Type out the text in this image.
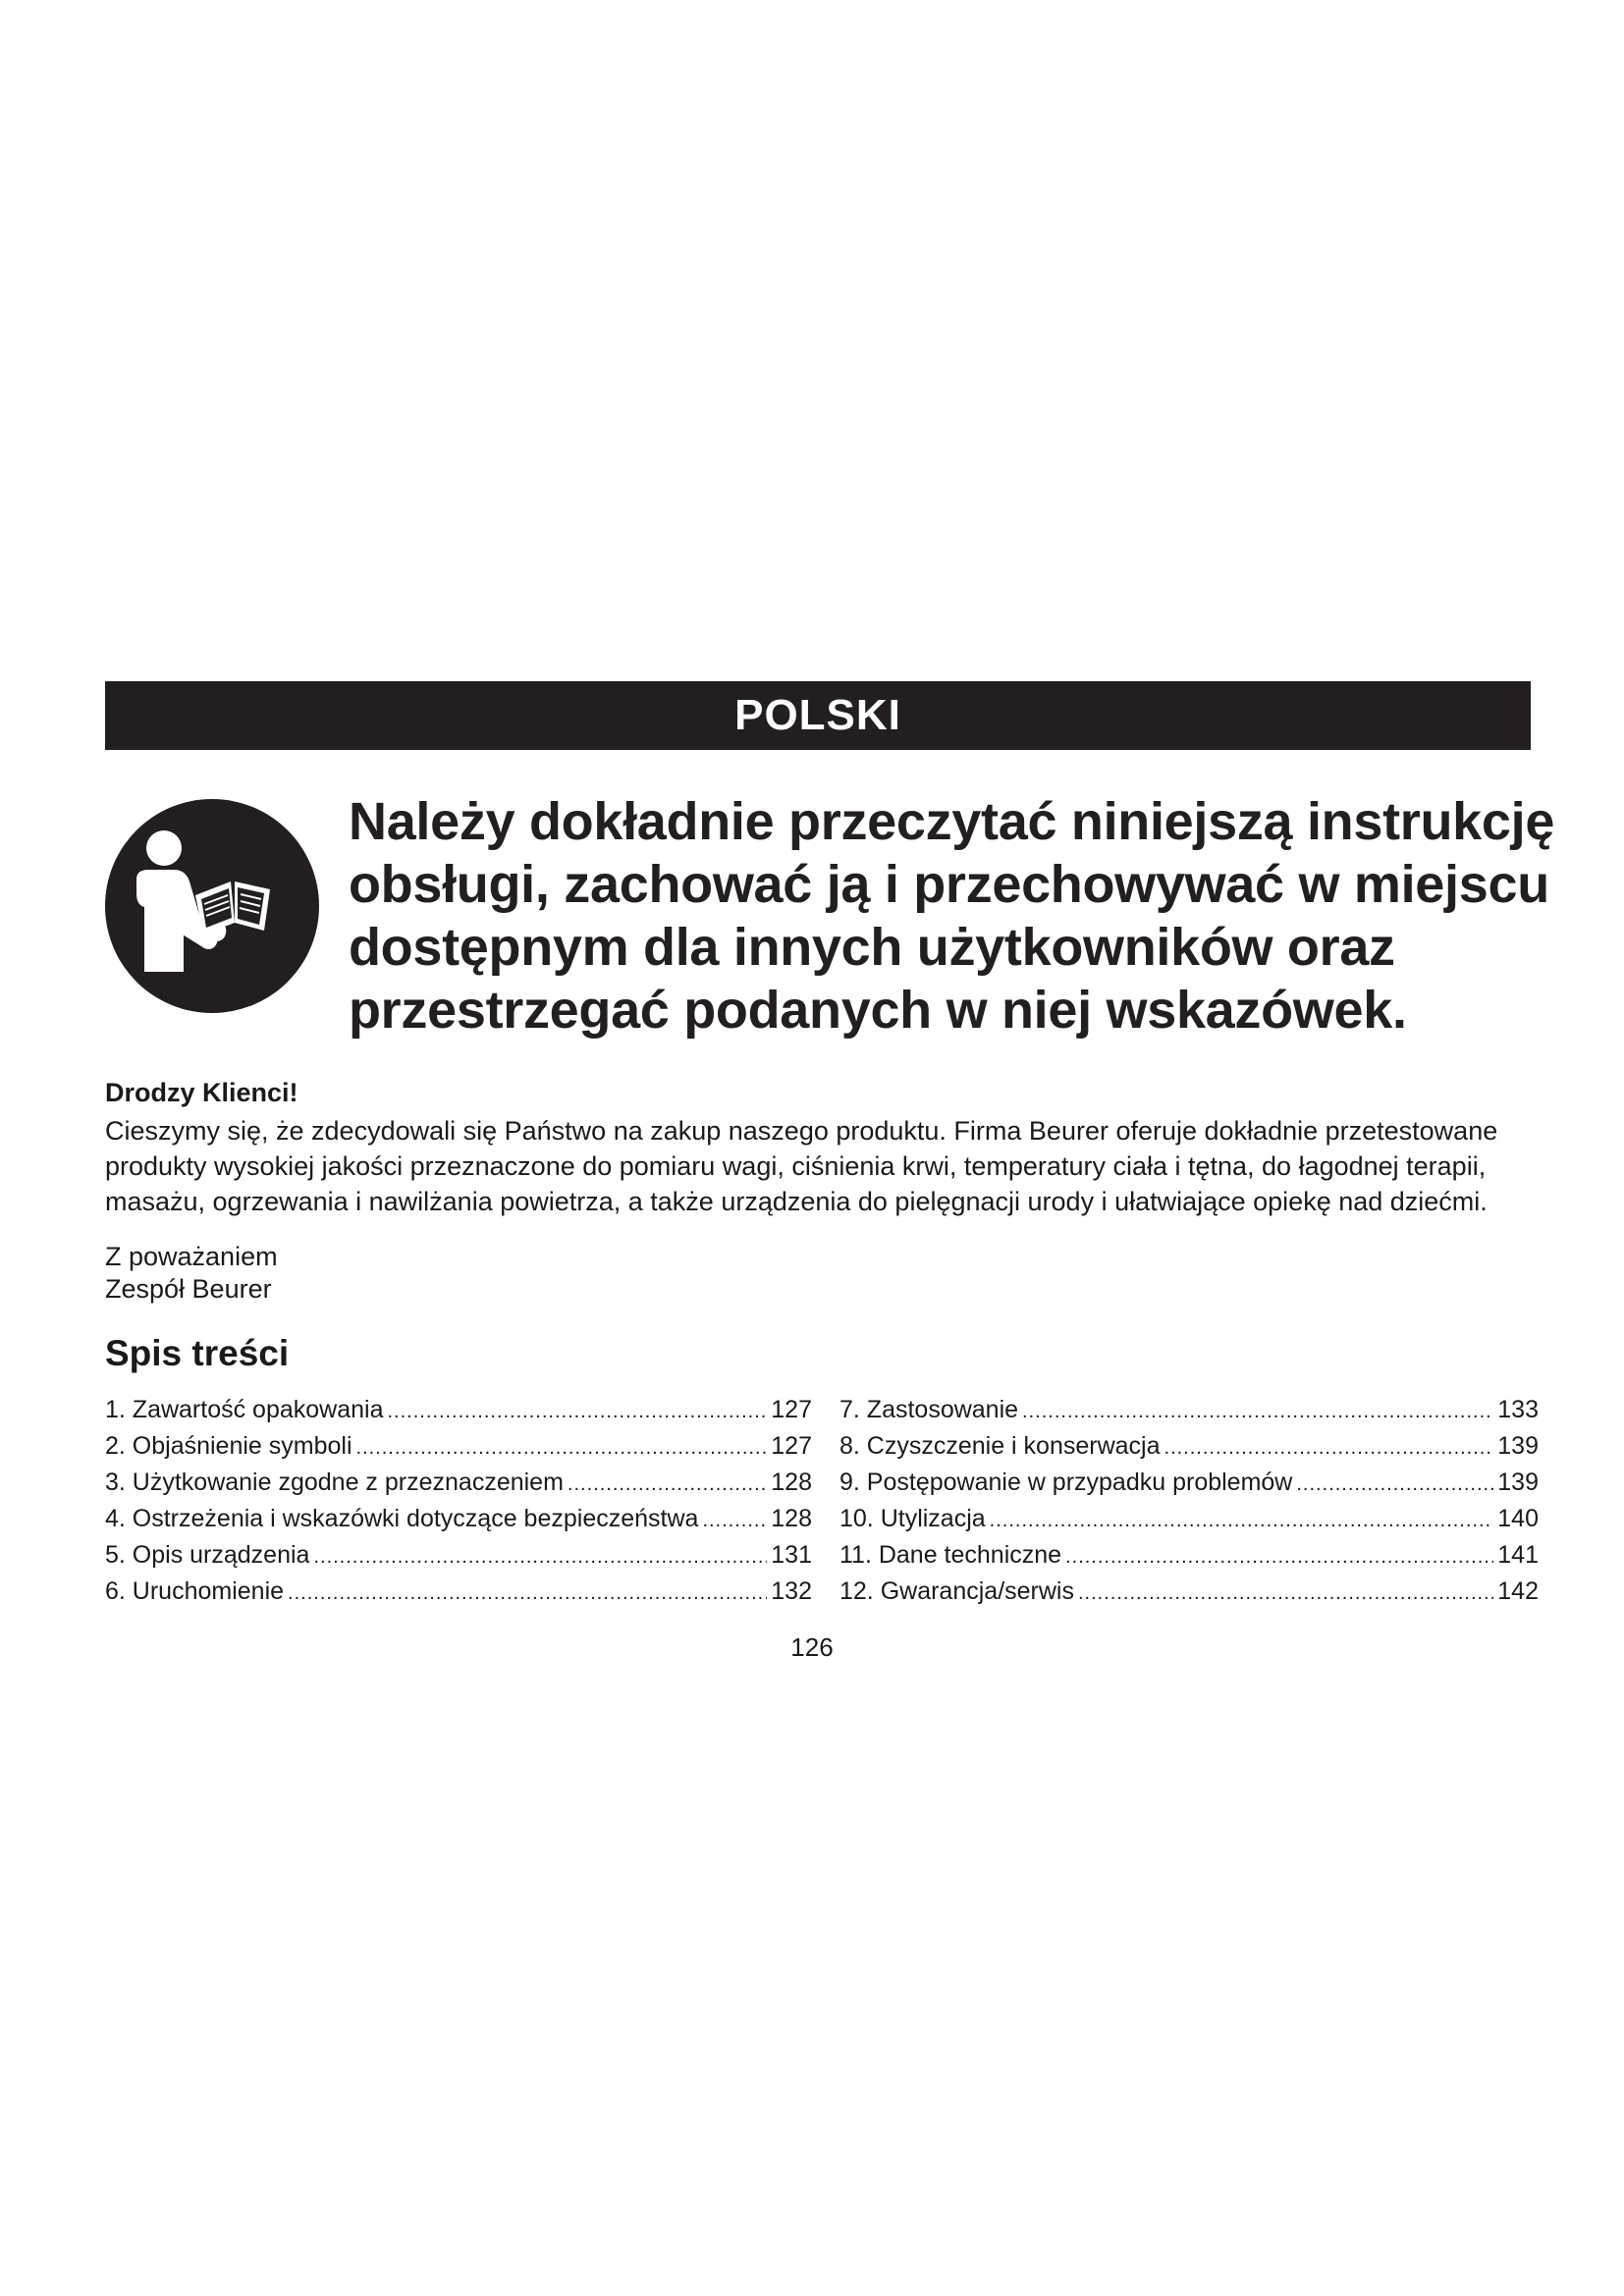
POLSKI
Należy dokładnie przeczytać niniejszą instrukcję
obsługi, zachować ją i przechowywać w miejscu
dostępnym dla innych użytkowników oraz
przestrzegać podanych w niej wskazówek.

Drodzy Klienci!

Cieszymy się, że zdecydowali się Państwo na zakup naszego produktu. Firma Beurer oferuje dokładnie przetestowane
produkty wysokiej jakości przeznaczone do pomiaru wagi, ciśnienia krwi, temperatury ciała i tętna, do łagodnej terapii,
masażu, ogrzewania i nawilżania powietrza, a także urządzenia do pielęgnacji urody i ułatwiające opiekę nad dziećmi.

Z poważaniem
Zespół Beurer

Spis treści
1. Zawartość opakowania .....	127
2. Objaśnienie symboli .....	127
3. Użytkowanie zgodne z przeznaczeniem .....	128
4. Ostrzeżenia i wskazówki dotyczące bezpieczeństwa .....	128
5. Opis urządzenia .....	131
6. Uruchomienie .....	132
7. Zastosowanie .....	133
8. Czyszczenie i konserwacja .....	139
9. Postępowanie w przypadku problemów .....	139
10. Utylizacja .....	140
11. Dane techniczne .....	141
12. Gwarancja/serwis .....	142
126
